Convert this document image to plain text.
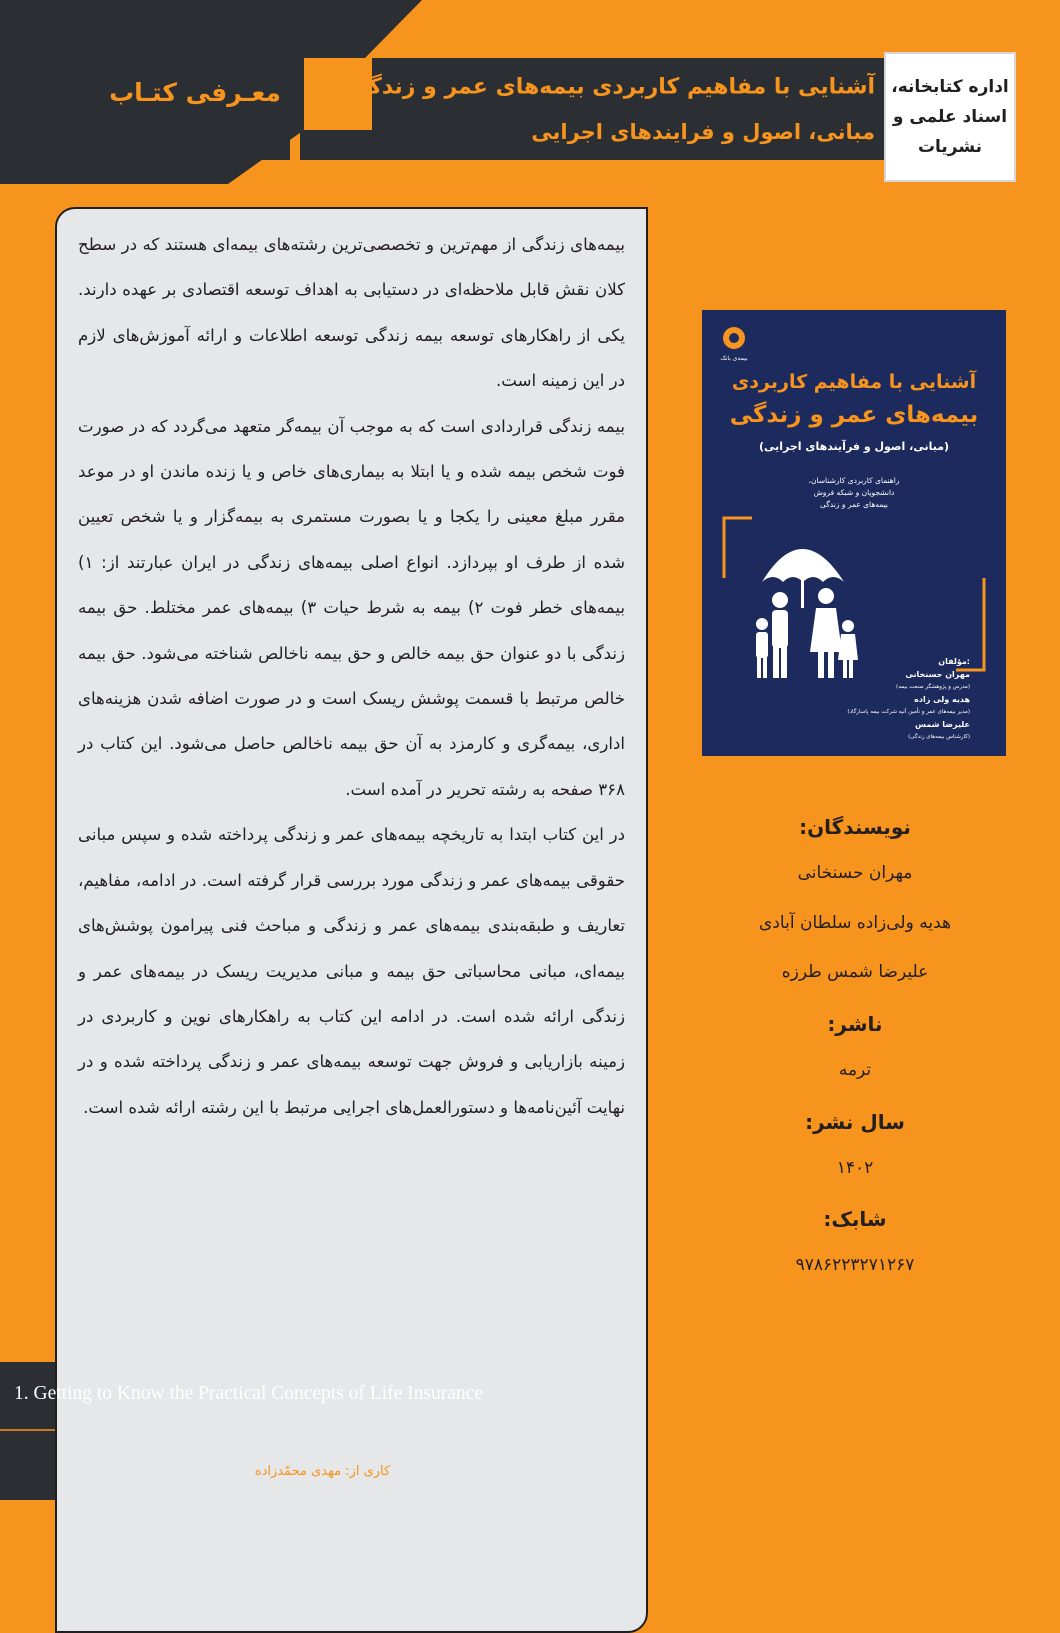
اداره کتابخانه،
اسناد علمی و
نشریات
معـرفی کتـاب	آشنایی با مفاهیم کاربردی بیمه‌های عمر و زندگی$^1$
مبانی، اصول و فرایندهای اجرایی

بیمه‌های زندگی از مهم‌ترین و تخصصی‌ترین رشته‌های بیمه‌ای هستند که در سطح کلان نقش قابل ملاحظه‌ای در دستیابی به اهداف توسعه اقتصادی بر عهده دارند. یکی از راهکارهای توسعه بیمه زندگی توسعه اطلاعات و ارائه آموزش‌های لازم در این زمینه است.

بیمه زندگی قراردادی است که به موجب آن بیمه‌گر متعهد می‌گردد که در صورت فوت شخص بیمه شده و یا ابتلا به بیماری‌های خاص و یا زنده ماندن او در موعد مقرر مبلغ معینی را یکجا و یا بصورت مستمری به بیمه‌گزار و یا شخص تعیین شده از طرف او بپردازد. انواع اصلی بیمه‌های زندگی در ایران عبارتند از: ۱) بیمه‌های خطر فوت ۲) بیمه به شرط حیات ۳) بیمه‌های عمر مختلط. حق بیمه زندگی با دو عنوان حق بیمه خالص و حق بیمه ناخالص شناخته می‌شود. حق بیمه خالص مرتبط با قسمت پوشش ریسک است و در صورت اضافه شدن هزینه‌های اداری، بیمه‌گری و کارمزد به آن حق بیمه ناخالص حاصل می‌شود. این کتاب در ۳۶۸ صفحه به رشته تحریر در آمده است.

در این کتاب ابتدا به تاریخچه بیمه‌های عمر و زندگی پرداخته شده و سپس مبانی حقوقی بیمه‌های عمر و زندگی مورد بررسی قرار گرفته است. در ادامه، مفاهیم، تعاریف و طبقه‌بندی بیمه‌های عمر و زندگی و مباحث فنی پیرامون پوشش‌های بیمه‌ای، مبانی محاسباتی حق بیمه و مبانی مدیریت ریسک در بیمه‌های عمر و زندگی ارائه شده است. در ادامه این کتاب به راهکارهای نوین و کاربردی در زمینه بازاریابی و فروش جهت توسعه بیمه‌های عمر و زندگی پرداخته شده و در نهایت آئین‌نامه‌ها و دستورالعمل‌های اجرایی مرتبط با این رشته ارائه شده است.

بیمه‌ی بانک
آشنایی با مفاهیم کاربردی
بیمه‌های عمر و زندگی
(مبانی، اصول و فرآیندهای اجرایی)
راهنمای کاربردی کارشناسان،
دانشجویان و شبکه فروش
بیمه‌های عمر و زندگی
مؤلفان:
مهران حسنخانی
(مدرس و پژوهشگر صنعت بیمه)
هدیه ولی زاده
(مدیر بیمه‌های عمر و تأمین آتیه شرکت بیمه پاسارگاد)
علیرضا شمس
(کارشناس بیمه‌های زندگی)
نویسندگان:
مهران حسنخانی
هدیه ولی‌زاده سلطان آبادی
علیرضا شمس طرزه
ناشر:
ترمه
سال نشر:
۱۴۰۲
شابک:
۹۷۸۶۲۲۳۲۷۱۲۶۷
1. Getting to Know the Practical Concepts of Life Insurance
کاری از: مهدی محمّدزاده
